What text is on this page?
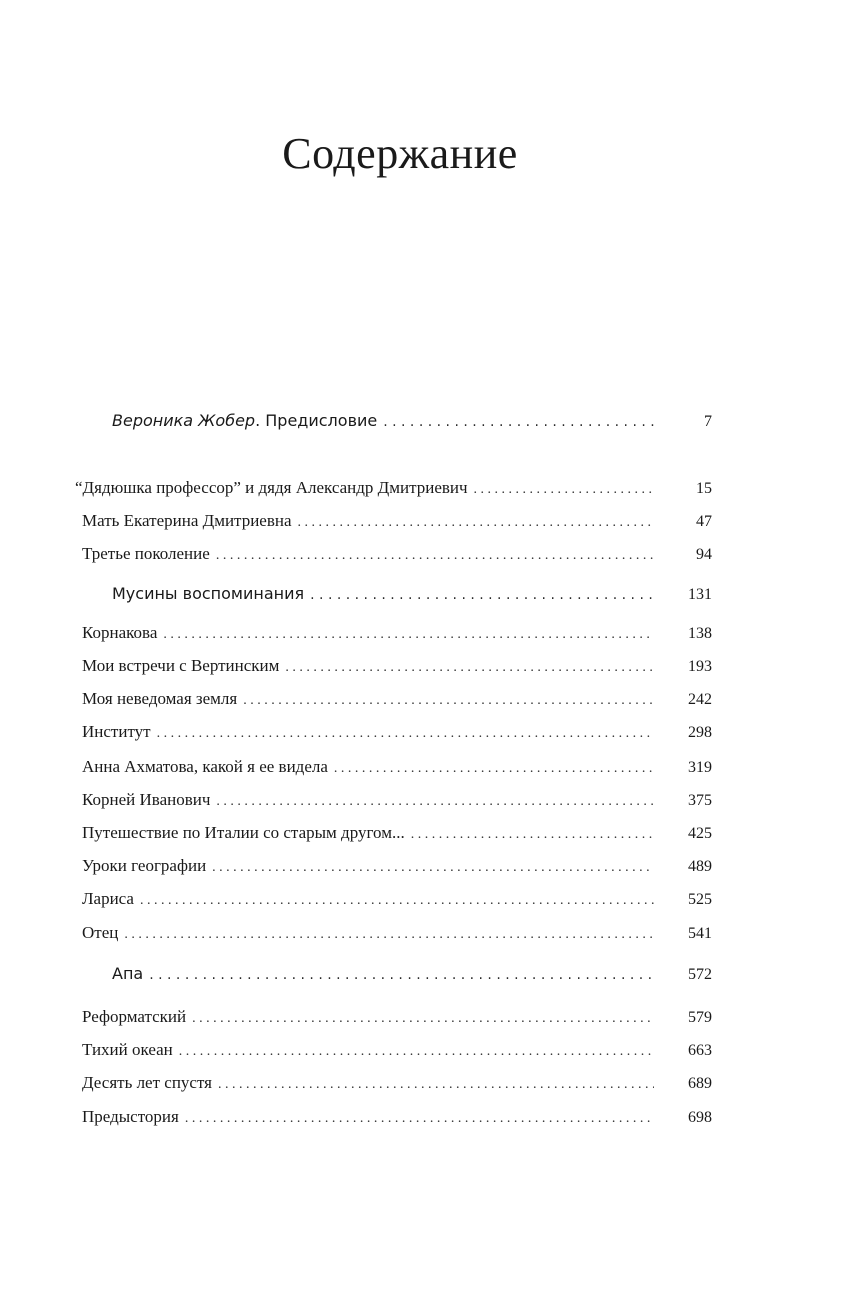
Содержание
Вероника Жобер. Предисловие . . .	7
“Дядюшка профессор” и дядя Александр Дмитриевич . . .	15
Мать Екатерина Дмитриевна . . .	47
Третье поколение . . .	94
Мусины воспоминания . . .	131
Корнакова . . .	138
Мои встречи с Вертинским . . .	193
Моя неведомая земля . . .	242
Институт . . .	298
Анна Ахматова, какой я ее видела . . .	319
Корней Иванович . . .	375
Путешествие по Италии со старым другом... . . .	425
Уроки географии . . .	489
Лариса . . .	525
Отец . . .	541
Апа . . .	572
Реформатский . . .	579
Тихий океан . . .	663
Десять лет спустя . . .	689
Предыстория . . .	698
